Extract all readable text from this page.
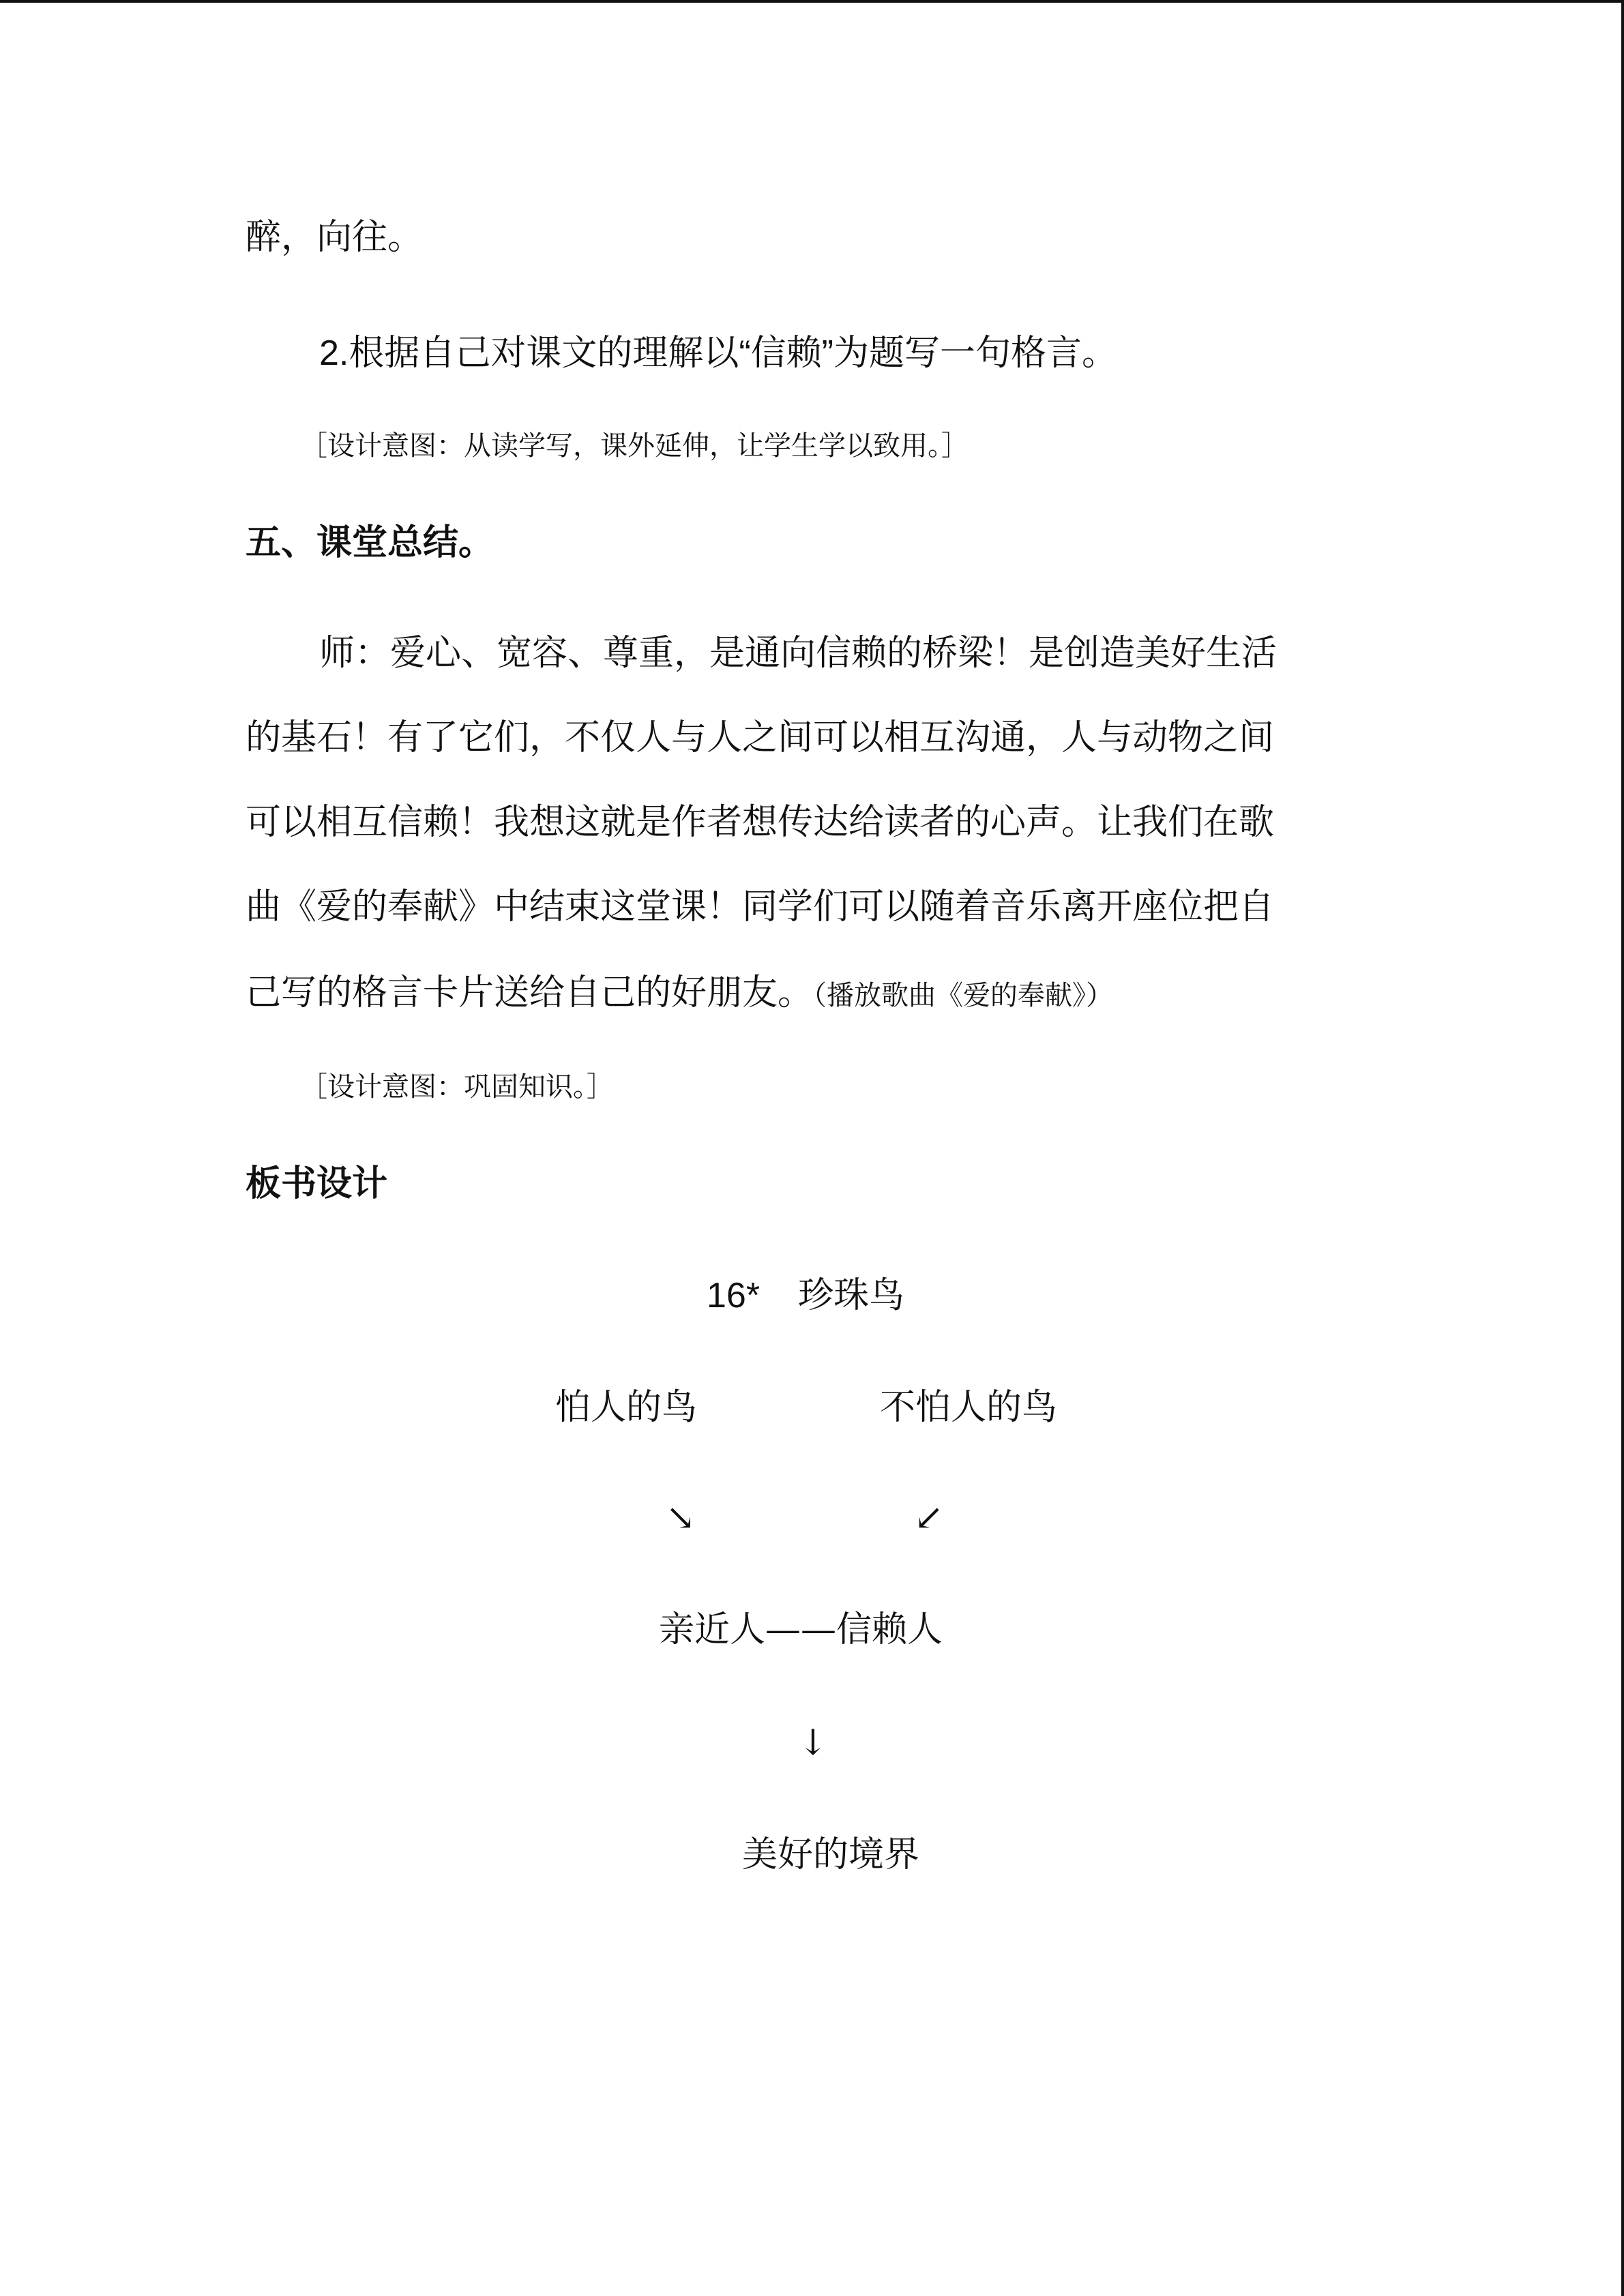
醉，向往。
2.根据自己对课文的理解以“信赖”为题写一句格言。
［设计意图：从读学写，课外延伸，让学生学以致用。］
五、课堂总结。
师：爱心、宽容、尊重，是通向信赖的桥梁！是创造美好生活
的基石！有了它们，不仅人与人之间可以相互沟通，人与动物之间
可以相互信赖！我想这就是作者想传达给读者的心声。让我们在歌
曲《爱的奉献》中结束这堂课！同学们可以随着音乐离开座位把自
己写的格言卡片送给自己的好朋友。（播放歌曲《爱的奉献》）
［设计意图：巩固知识。］
板书设计
16* 珍珠鸟
怕人的鸟	不怕人的鸟
↘	↙
亲近人——信赖人
↓
美好的境界
